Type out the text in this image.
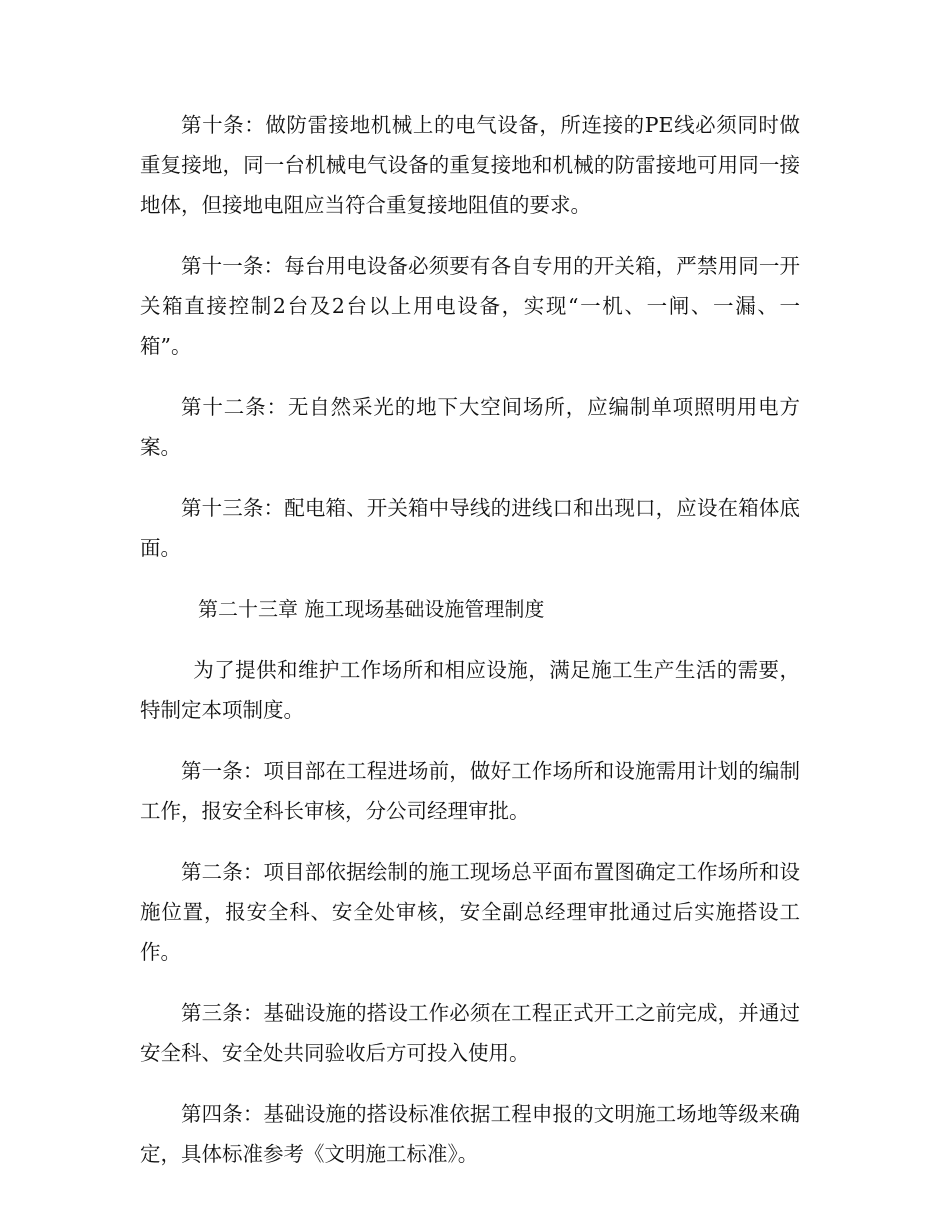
第十条：做防雷接地机械上的电气设备，所连接的PE线必须同时做重复接地，同一台机械电气设备的重复接地和机械的防雷接地可用同一接地体，但接地电阻应当符合重复接地阻值的要求。

第十一条：每台用电设备必须要有各自专用的开关箱，严禁用同一开关箱直接控制2台及2台以上用电设备，实现“一机、一闸、一漏、一箱”。

第十二条：无自然采光的地下大空间场所，应编制单项照明用电方案。

第十三条：配电箱、开关箱中导线的进线口和出现口，应设在箱体底面。

第二十三章 施工现场基础设施管理制度

为了提供和维护工作场所和相应设施，满足施工生产生活的需要，特制定本项制度。

第一条：项目部在工程进场前，做好工作场所和设施需用计划的编制工作，报安全科长审核，分公司经理审批。

第二条：项目部依据绘制的施工现场总平面布置图确定工作场所和设施位置，报安全科、安全处审核，安全副总经理审批通过后实施搭设工作。

第三条：基础设施的搭设工作必须在工程正式开工之前完成，并通过安全科、安全处共同验收后方可投入使用。

第四条：基础设施的搭设标准依据工程申报的文明施工场地等级来确定，具体标准参考《文明施工标准》。
